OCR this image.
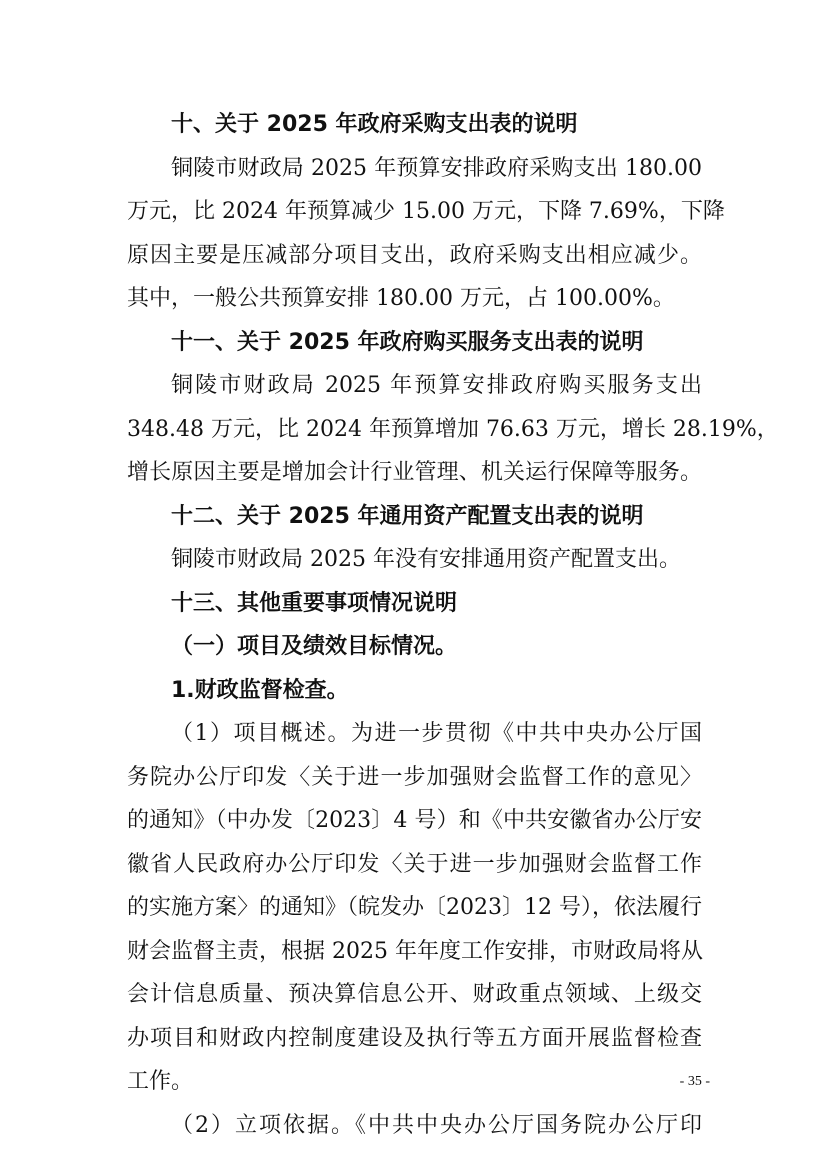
十、关于 2025 年政府采购支出表的说明
铜陵市财政局 2025 年预算安排政府采购支出 180.00
万元，比 2024 年预算减少 15.00 万元，下降 7.69%，下降
原因主要是压减部分项目支出，政府采购支出相应减少。
其中，一般公共预算安排 180.00 万元，占 100.00%。
十一、关于 2025 年政府购买服务支出表的说明
铜陵市财政局 2025 年预算安排政府购买服务支出
348.48 万元，比 2024 年预算增加 76.63 万元，增长 28.19%，
增长原因主要是增加会计行业管理、机关运行保障等服务。
十二、关于 2025 年通用资产配置支出表的说明
铜陵市财政局 2025 年没有安排通用资产配置支出。
十三、其他重要事项情况说明
（一）项目及绩效目标情况。
1.财政监督检查。
（1）项目概述。为进一步贯彻《中共中央办公厅国
务院办公厅印发〈关于进一步加强财会监督工作的意见〉
的通知》（中办发〔2023〕4 号）和《中共安徽省办公厅安
徽省人民政府办公厅印发〈关于进一步加强财会监督工作
的实施方案〉的通知》（皖发办〔2023〕12 号），依法履行
财会监督主责，根据 2025 年年度工作安排，市财政局将从
会计信息质量、预决算信息公开、财政重点领域、上级交
办项目和财政内控制度建设及执行等五方面开展监督检查
工作。
（2）立项依据。《中共中央办公厅国务院办公厅印
- 35 -
